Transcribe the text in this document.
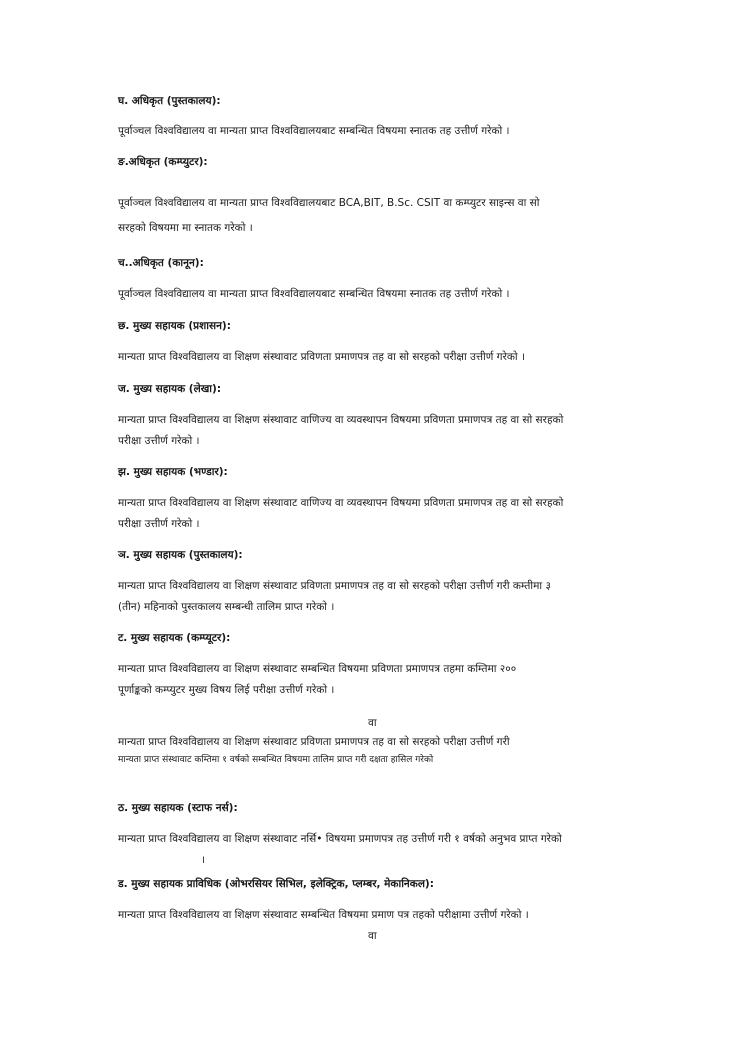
घ. अधिकृत (पुस्तकालय):
पूर्वाञ्चल विश्वविद्यालय वा मान्यता प्राप्त विश्वविद्यालयबाट सम्बन्धित विषयमा स्नातक तह उत्तीर्ण गरेको ।
ङ.अधिकृत (कम्प्युटर):
पूर्वाञ्चल विश्वविद्यालय वा मान्यता प्राप्त विश्वविद्यालयबाट BCA,BIT, B.Sc. CSIT वा कम्प्युटर साइन्स वा सो
सरहको विषयमा मा स्नातक गरेको ।
च..अधिकृत (कानून):
पूर्वाञ्चल विश्वविद्यालय वा मान्यता प्राप्त विश्वविद्यालयबाट सम्बन्धित विषयमा स्नातक तह उत्तीर्ण गरेको ।
छ. मुख्य सहायक (प्रशासन):
मान्यता प्राप्त विश्वविद्यालय वा शिक्षण संस्थावाट प्रविणता प्रमाणपत्र तह वा सो सरहको परीक्षा उत्तीर्ण गरेको ।
ज. मुख्य सहायक (लेखा):
मान्यता प्राप्त विश्वविद्यालय वा शिक्षण संस्थावाट वाणिज्य वा व्यवस्थापन विषयमा प्रविणता प्रमाणपत्र तह वा सो सरहको
परीक्षा उत्तीर्ण गरेको ।
झ. मुख्य सहायक (भण्डार):
मान्यता प्राप्त विश्वविद्यालय वा शिक्षण संस्थावाट वाणिज्य वा व्यवस्थापन विषयमा प्रविणता प्रमाणपत्र तह वा सो सरहको
परीक्षा उत्तीर्ण गरेको ।
ञ. मुख्य सहायक (पुस्तकालय):
मान्यता प्राप्त विश्वविद्यालय वा शिक्षण संस्थावाट प्रविणता प्रमाणपत्र तह वा सो सरहको परीक्षा उत्तीर्ण गरी कम्तीमा ३
(तीन) महिनाको पुस्तकालय सम्बन्धी तालिम प्राप्त गरेको ।
ट. मुख्य सहायक (कम्प्यूटर):
मान्यता प्राप्त विश्वविद्यालय वा शिक्षण संस्थावाट सम्बन्धित विषयमा प्रविणता प्रमाणपत्र तहमा कम्तिमा २००
पूर्णाङ्कको कम्प्युटर मुख्य विषय लिई परीक्षा उत्तीर्ण गरेको ।
वा
मान्यता प्राप्त विश्वविद्यालय वा शिक्षण संस्थावाट प्रविणता प्रमाणपत्र तह वा सो सरहको परीक्षा उत्तीर्ण गरी
मान्यता प्राप्त संस्थावाट कम्तिमा १ वर्षको सम्बन्धित विषयमा तालिम प्राप्त गरी दक्षता हासिल गरेको
ठ. मुख्य सहायक (स्टाफ नर्स):
मान्यता प्राप्त विश्वविद्यालय वा शिक्षण संस्थावाट नर्सि• विषयमा प्रमाणपत्र तह उत्तीर्ण गरी १ वर्षको अनुभव प्राप्त गरेको
।
ड. मुख्य सहायक प्राविधिक (ओभरसियर सिभिल, इलेक्ट्रिक, प्लम्बर, मेकानिकल):
मान्यता प्राप्त विश्वविद्यालय वा शिक्षण संस्थावाट सम्बन्धित विषयमा प्रमाण पत्र तहको परीक्षामा उत्तीर्ण गरेको ।
वा
